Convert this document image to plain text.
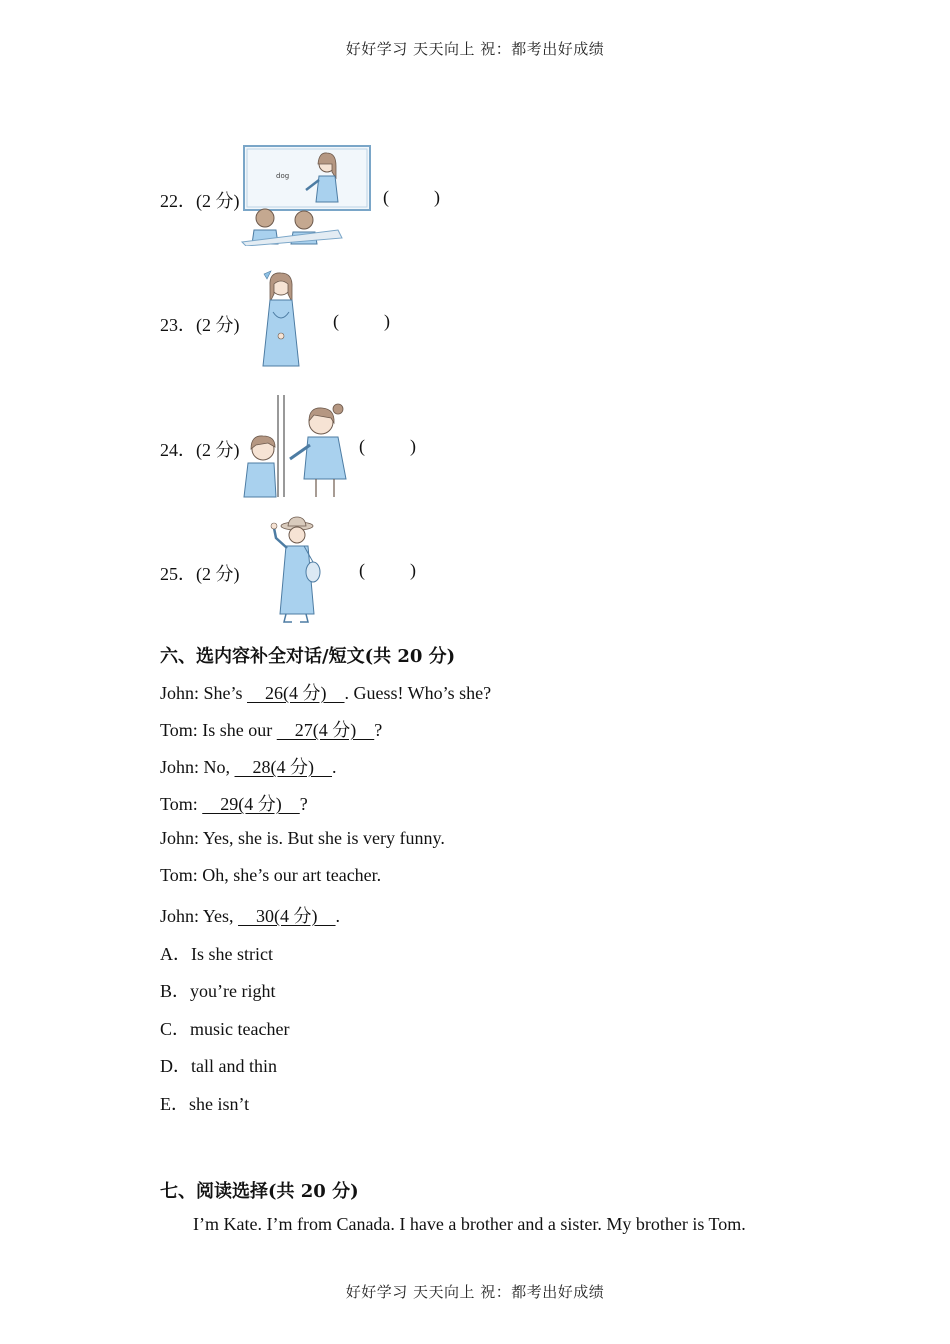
好好学习 天天向上 祝：都考出好成绩
22．(2 分)
dog
(          )
23．(2 分)	(          )
24．(2 分)	(          )
25．(2 分)	(          )
六、选内容补全对话/短文(共 20 分)
John: She’s     26(4 分)    . Guess! Who’s she?
Tom: Is she our     27(4 分)    ?
John: No,     28(4 分)    .
Tom:     29(4 分)    ?
John: Yes, she is. But she is very funny.
Tom: Oh, she’s our art teacher.
John: Yes,     30(4 分)    .
A．Is she strict
B．you’re right
C．music teacher
D．tall and thin
E．she isn’t
七、阅读选择(共 20 分)
I’m Kate. I’m from Canada. I have a brother and a sister. My brother is Tom.
好好学习 天天向上 祝：都考出好成绩
